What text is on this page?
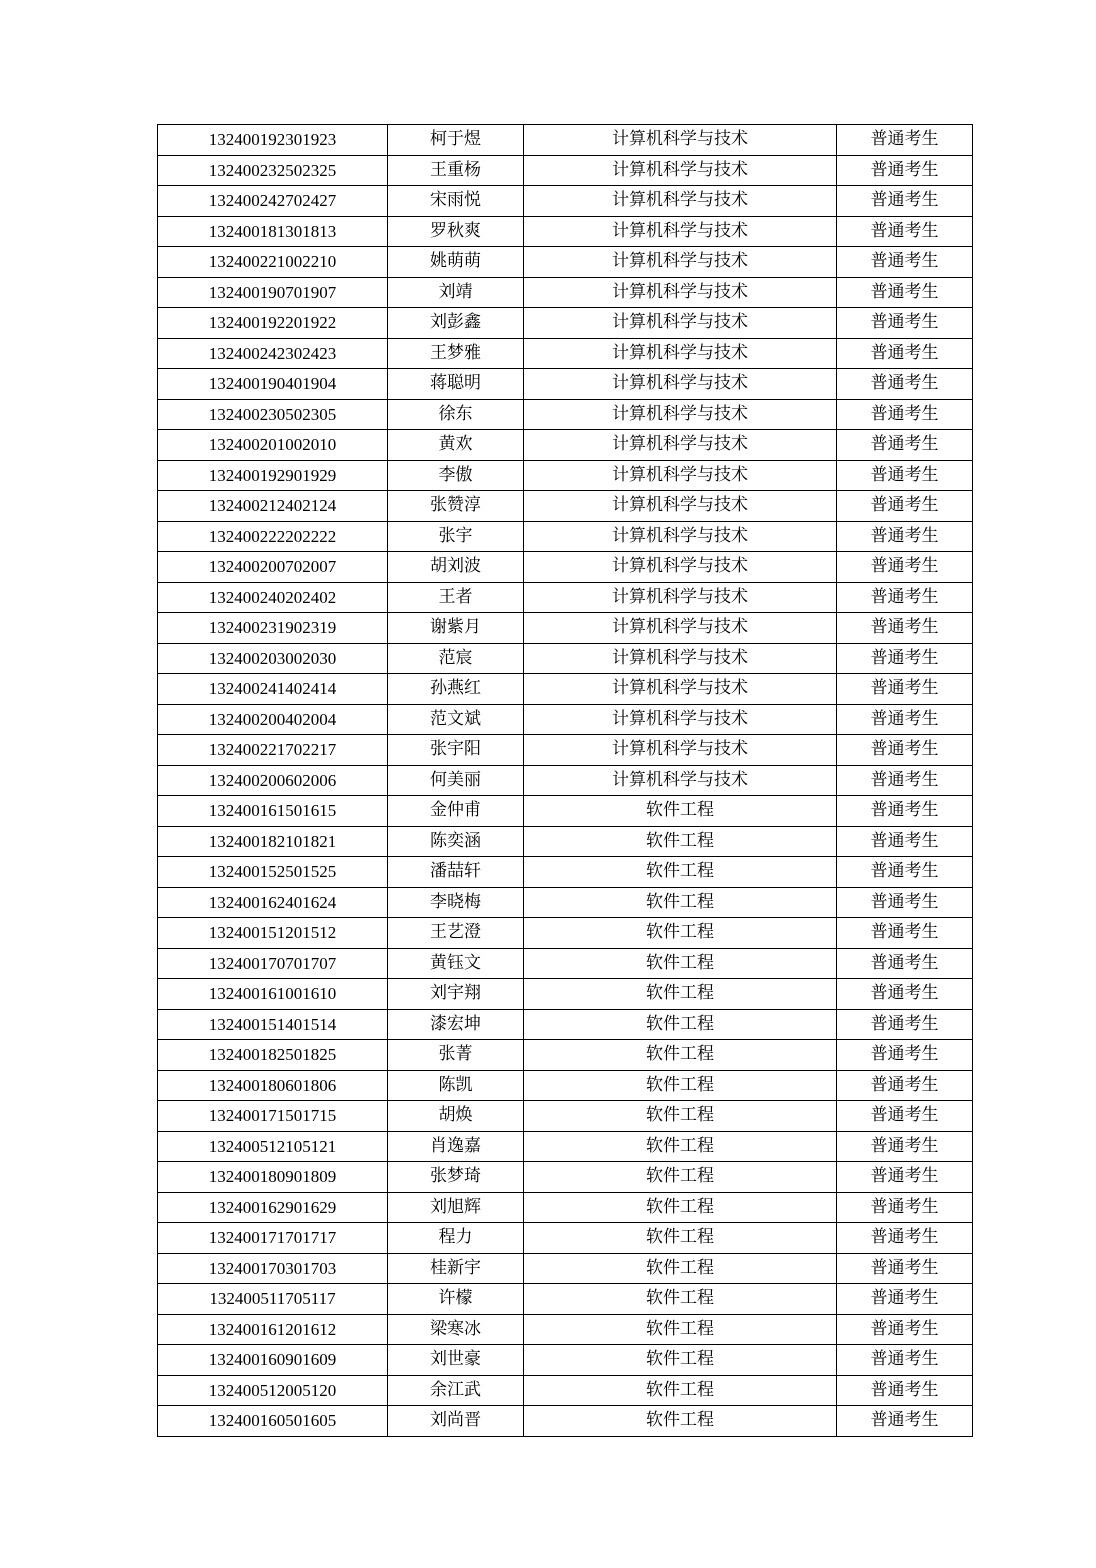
132400192301923	柯于煜	计算机科学与技术	普通考生
132400232502325	王重杨	计算机科学与技术	普通考生
132400242702427	宋雨悦	计算机科学与技术	普通考生
132400181301813	罗秋爽	计算机科学与技术	普通考生
132400221002210	姚萌萌	计算机科学与技术	普通考生
132400190701907	刘靖	计算机科学与技术	普通考生
132400192201922	刘彭鑫	计算机科学与技术	普通考生
132400242302423	王梦雅	计算机科学与技术	普通考生
132400190401904	蒋聪明	计算机科学与技术	普通考生
132400230502305	徐东	计算机科学与技术	普通考生
132400201002010	黄欢	计算机科学与技术	普通考生
132400192901929	李傲	计算机科学与技术	普通考生
132400212402124	张赞淳	计算机科学与技术	普通考生
132400222202222	张宇	计算机科学与技术	普通考生
132400200702007	胡刘波	计算机科学与技术	普通考生
132400240202402	王者	计算机科学与技术	普通考生
132400231902319	谢紫月	计算机科学与技术	普通考生
132400203002030	范宸	计算机科学与技术	普通考生
132400241402414	孙燕红	计算机科学与技术	普通考生
132400200402004	范文斌	计算机科学与技术	普通考生
132400221702217	张宇阳	计算机科学与技术	普通考生
132400200602006	何美丽	计算机科学与技术	普通考生
132400161501615	金仲甫	软件工程	普通考生
132400182101821	陈奕涵	软件工程	普通考生
132400152501525	潘喆轩	软件工程	普通考生
132400162401624	李晓梅	软件工程	普通考生
132400151201512	王艺澄	软件工程	普通考生
132400170701707	黄钰文	软件工程	普通考生
132400161001610	刘宇翔	软件工程	普通考生
132400151401514	漆宏坤	软件工程	普通考生
132400182501825	张菁	软件工程	普通考生
132400180601806	陈凯	软件工程	普通考生
132400171501715	胡焕	软件工程	普通考生
132400512105121	肖逸嘉	软件工程	普通考生
132400180901809	张梦琦	软件工程	普通考生
132400162901629	刘旭辉	软件工程	普通考生
132400171701717	程力	软件工程	普通考生
132400170301703	桂新宇	软件工程	普通考生
132400511705117	许檬	软件工程	普通考生
132400161201612	梁寒冰	软件工程	普通考生
132400160901609	刘世豪	软件工程	普通考生
132400512005120	余江武	软件工程	普通考生
132400160501605	刘尚晋	软件工程	普通考生
